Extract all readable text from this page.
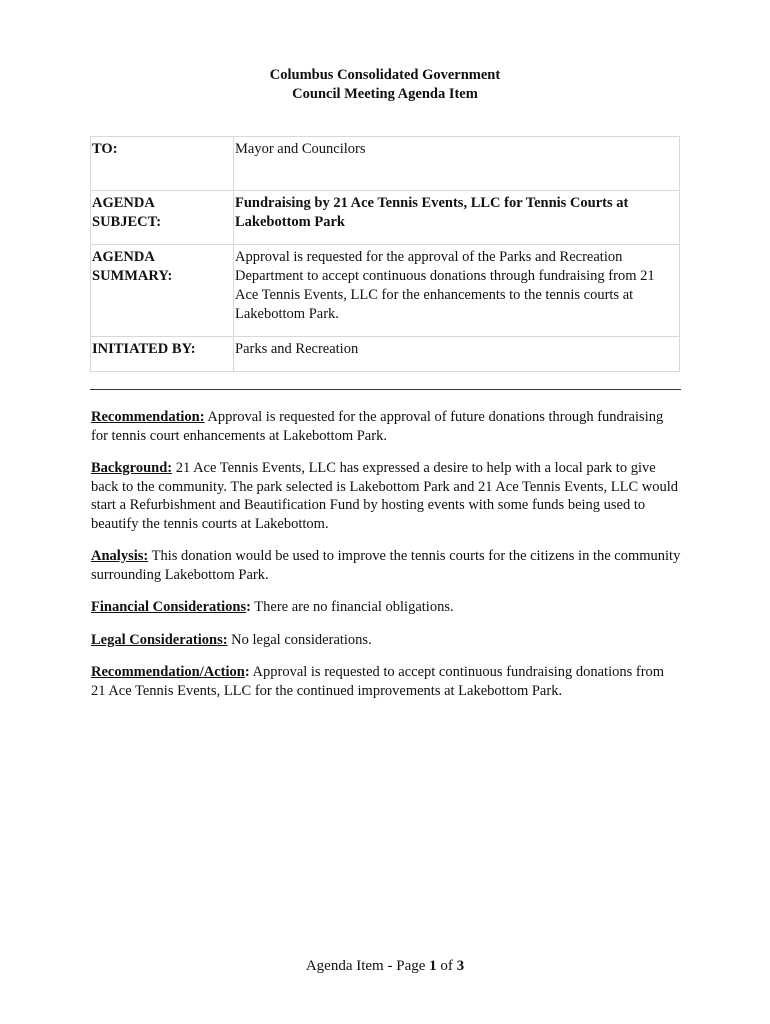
Columbus Consolidated Government
Council Meeting Agenda Item
TO:	Mayor and Councilors

AGENDA
SUBJECT:	Fundraising by 21 Ace Tennis Events, LLC for Tennis Courts at Lakebottom Park

AGENDA
SUMMARY:	Approval is requested for the approval of the Parks and Recreation Department to accept continuous donations through fundraising from 21 Ace Tennis Events, LLC for the enhancements to the tennis courts at Lakebottom Park.
INITIATED BY:	Parks and Recreation

Recommendation: Approval is requested for the approval of future donations through fundraising for tennis court enhancements at Lakebottom Park.

Background: 21 Ace Tennis Events, LLC has expressed a desire to help with a local park to give back to the community. The park selected is Lakebottom Park and 21 Ace Tennis Events, LLC would start a Refurbishment and Beautification Fund by hosting events with some funds being used to beautify the tennis courts at Lakebottom.

Analysis: This donation would be used to improve the tennis courts for the citizens in the community surrounding Lakebottom Park.

Financial Considerations: There are no financial obligations.

Legal Considerations: No legal considerations.

Recommendation/Action: Approval is requested to accept continuous fundraising donations from 21 Ace Tennis Events, LLC for the continued improvements at Lakebottom Park.

Agenda Item - Page 1 of 3
